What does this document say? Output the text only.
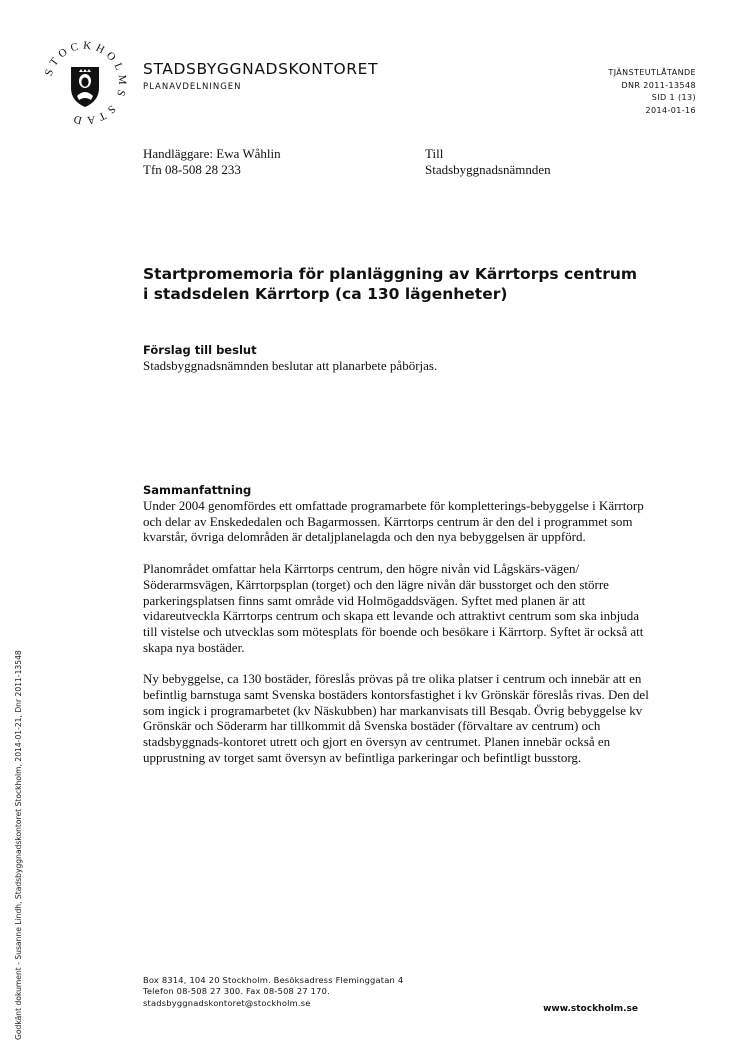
STOCKHOLMS STAD
STADSBYGGNADSKONTORET
PLANAVDELNINGEN
TJÄNSTEUTLÅTANDE
DNR 2011-13548
SID 1 (13)
2014-01-16
Handläggare: Ewa Wåhlin
Tfn 08-508 28 233
Till
Stadsbyggnadsnämnden
Startpromemoria för planläggning av Kärrtorps centrum
i stadsdelen Kärrtorp (ca 130 lägenheter)
Förslag till beslut
Stadsbyggnadsnämnden beslutar att planarbete påbörjas.
Sammanfattning

Under 2004 genomfördes ett omfattade programarbete för kompletterings-bebyggelse i Kärrtorp och delar av Enskededalen och Bagarmossen. Kärrtorps centrum är den del i programmet som kvarstår, övriga delområden är detaljplanelagda och den nya bebyggelsen är uppförd.

Planområdet omfattar hela Kärrtorps centrum, den högre nivån vid Lågskärs-vägen/ Söderarmsvägen, Kärrtorpsplan (torget) och den lägre nivån där busstorget och den större parkeringsplatsen finns samt område vid Holmögaddsvägen. Syftet med planen är att vidareutveckla Kärrtorps centrum och skapa ett levande och attraktivt centrum som ska inbjuda till vistelse och utvecklas som mötesplats för boende och besökare i Kärrtorp. Syftet är också att skapa nya bostäder.

Ny bebyggelse, ca 130 bostäder, föreslås prövas på tre olika platser i centrum och innebär att en befintlig barnstuga samt Svenska bostäders kontorsfastighet i kv Grönskär föreslås rivas. Den del som ingick i programarbetet (kv Näskubben) har markanvisats till Besqab. Övrig bebyggelse kv Grönskär och Söderarm har tillkommit då Svenska bostäder (förvaltare av centrum) och stadsbyggnads-kontoret utrett och gjort en översyn av centrumet. Planen innebär också en upprustning av torget samt översyn av befintliga parkeringar och befintligt busstorg.

Box 8314, 104 20 Stockholm. Besöksadress Fleminggatan 4
Telefon 08-508 27 300. Fax 08-508 27 170.
stadsbyggnadskontoret@stockholm.se
www.stockholm.se
Godkänt dokument - Susanne Lindh, Stadsbyggnadskontoret Stockholm, 2014-01-21, Dnr 2011-13548
